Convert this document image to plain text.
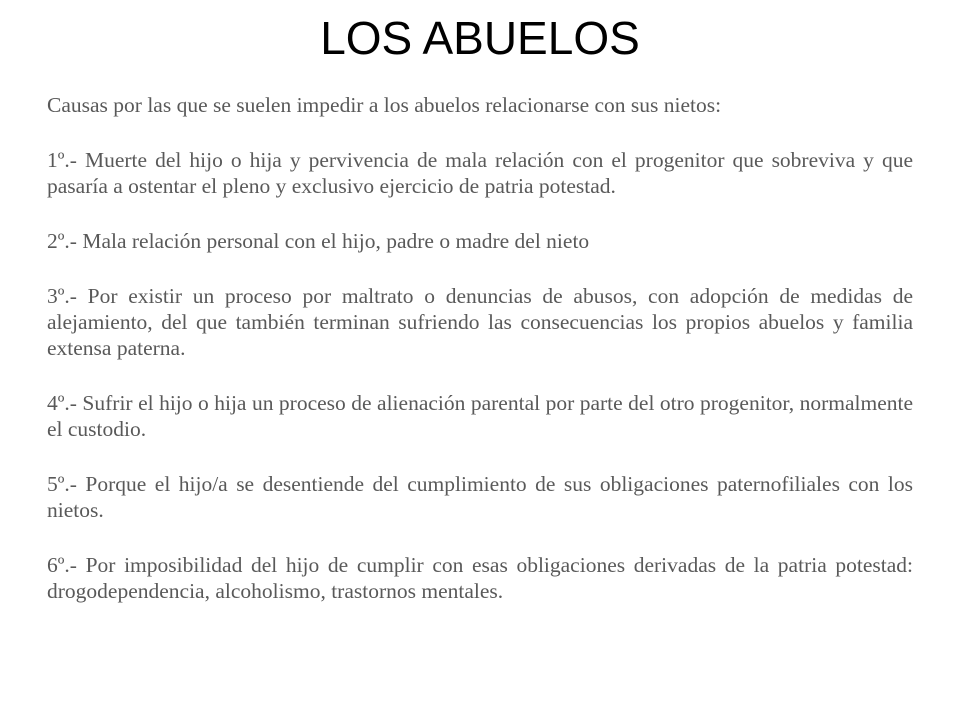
LOS ABUELOS

Causas por las que se suelen impedir a los abuelos relacionarse con sus nietos:

1º.- Muerte del hijo o hija y pervivencia de mala relación con el progenitor que sobreviva y que pasaría a ostentar el pleno y exclusivo ejercicio de patria potestad.

2º.- Mala relación personal con el hijo, padre o madre del nieto

3º.- Por existir un proceso por maltrato o denuncias de abusos, con adopción de medidas de alejamiento, del que también terminan sufriendo las consecuencias los propios abuelos y familia extensa paterna.

4º.- Sufrir el hijo o hija un proceso de alienación parental por parte del otro progenitor, normalmente el custodio.

5º.- Porque el hijo/a se desentiende del cumplimiento de sus obligaciones paternofiliales con los nietos.

6º.- Por imposibilidad del hijo de cumplir con esas obligaciones derivadas de la patria potestad: drogodependencia, alcoholismo, trastornos mentales.
